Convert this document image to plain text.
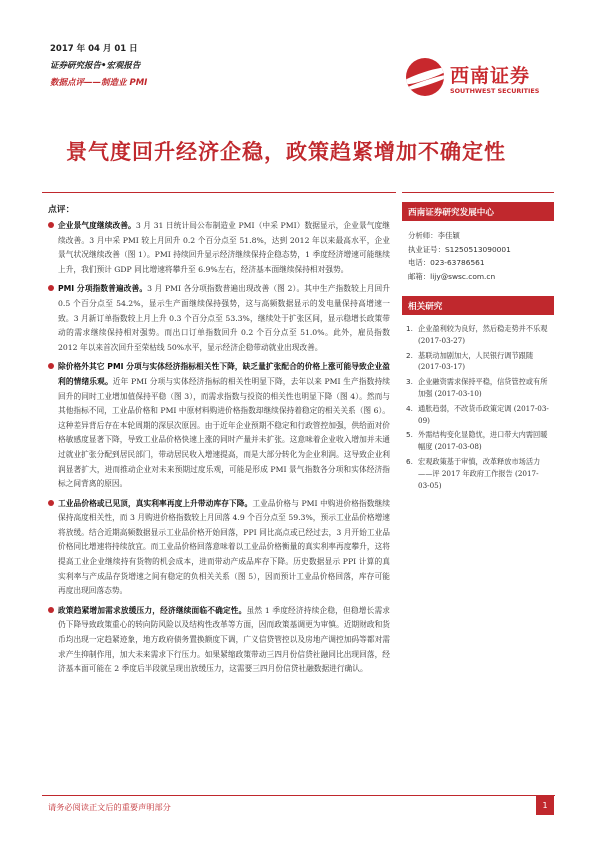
2017 年 04 月 01 日
证券研究报告•宏观报告
数据点评——制造业 PMI	西南证券
SOUTHWEST SECURITIES
景气度回升经济企稳，政策趋紧增加不确定性
点评：
企业景气度继续改善。3 月 31 日统计局公布制造业 PMI（中采 PMI）数据显示，企业景气度继续改善。3 月中采 PMI 较上月回升 0.2 个百分点至 51.8%，达到 2012 年以来最高水平，企业景气状况继续改善（图 1）。PMI 持续回升显示经济继续保持企稳态势，1 季度经济增速可能继续上升，我们预计 GDP 同比增速将攀升至 6.9%左右，经济基本面继续保持相对强势。
PMI 分项指数普遍改善。3 月 PMI 各分项指数普遍出现改善（图 2）。其中生产指数较上月回升 0.5 个百分点至 54.2%，显示生产面继续保持强势，这与高频数据显示的发电量保持高增速一致。3 月新订单指数较上月上升 0.3 个百分点至 53.3%，继续处于扩张区间，显示稳增长政策带动的需求继续保持相对强势。而出口订单指数回升 0.2 个百分点至 51.0%。此外，雇员指数 2012 年以来首次回升至荣枯线 50%水平，显示经济企稳带动就业出现改善。
除价格外其它 PMI 分项与实体经济指标相关性下降，缺乏量扩张配合的价格上涨可能导致企业盈利的情绪乐观。近年 PMI 分项与实体经济指标的相关性明显下降，去年以来 PMI 生产指数持续回升的同时工业增加值保持平稳（图 3），而需求指数与投资的相关性也明显下降（图 4）。然而与其他指标不同，工业品价格和 PMI 中原材料购进价格指数却继续保持着稳定的相关关系（图 6）。这种差异背后存在本轮周期的深层次原因。由于近年企业预期不稳定和行政管控加强，供给面对价格敏感度显著下降，导致工业品价格快速上涨的同时产量并未扩张。这意味着企业收入增加并未通过就业扩张分配到居民部门，带动居民收入增速提高，而是大部分转化为企业利润。这导致企业利润显著扩大，进而推动企业对未来预期过度乐观，可能是形成 PMI 景气指数各分项和实体经济指标之间背离的原因。
工业品价格或已见顶，真实利率再度上升带动库存下降。工业品价格与 PMI 中购进价格指数继续保持高度相关性，而 3 月购进价格指数较上月回落 4.9 个百分点至 59.3%，预示工业品价格增速将放缓。结合近期高频数据显示工业品价格开始回落，PPI 同比高点或已经过去，3 月开始工业品价格同比增速将持续放宜。而工业品价格回落意味着以工业品价格衡量的真实利率再度攀升，这将提高工业企业继续持有货物的机会成本，进而带动产成品库存下降。历史数据显示 PPI 计算的真实利率与产成品存货增速之间有稳定的负相关关系（图 5），因而预计工业品价格回落，库存可能再度出现回落态势。
政策趋紧增加需求放缓压力，经济继续面临不确定性。虽然 1 季度经济持续企稳，但稳增长需求仍下降导致政策重心的转向防风险以及结构性改革等方面，因而政策基调更为审慎。近期财政和货币均出现一定趋紧迹象，地方政府债务置换额度下调，广义信贷管控以及房地产调控加码等都对需求产生抑制作用，加大未来需求下行压力。如果紧缩政策带动三四月份信贷社融同比出现回落，经济基本面可能在 2 季度后半段就呈现出放缓压力，这需要三四月份信贷社融数据进行确认。
西南证券研究发展中心
分析师：李佳颖
执业证号：S1250513090001
电话：023-63786561
邮箱：lijy@swsc.com.cn
相关研究
1. 企业盈利较为良好，然后稳走势并不乐观 (2017-03-27)
2. 基联动加剧加大，人民银行调节跟随 (2017-03-17)
3. 企业融资需求保持平稳，信贷管控或有所加强 (2017-03-10)
4. 通胀趋弱，不改货币政策定调 (2017-03-09)
5. 外需结构变化显隐忧，进口带大内需回暖幅度 (2017-03-08)
6. 宏观政策基于审慎，改革释放市场活力——评 2017 年政府工作报告 (2017-03-05)
请务必阅读正文后的重要声明部分	1
